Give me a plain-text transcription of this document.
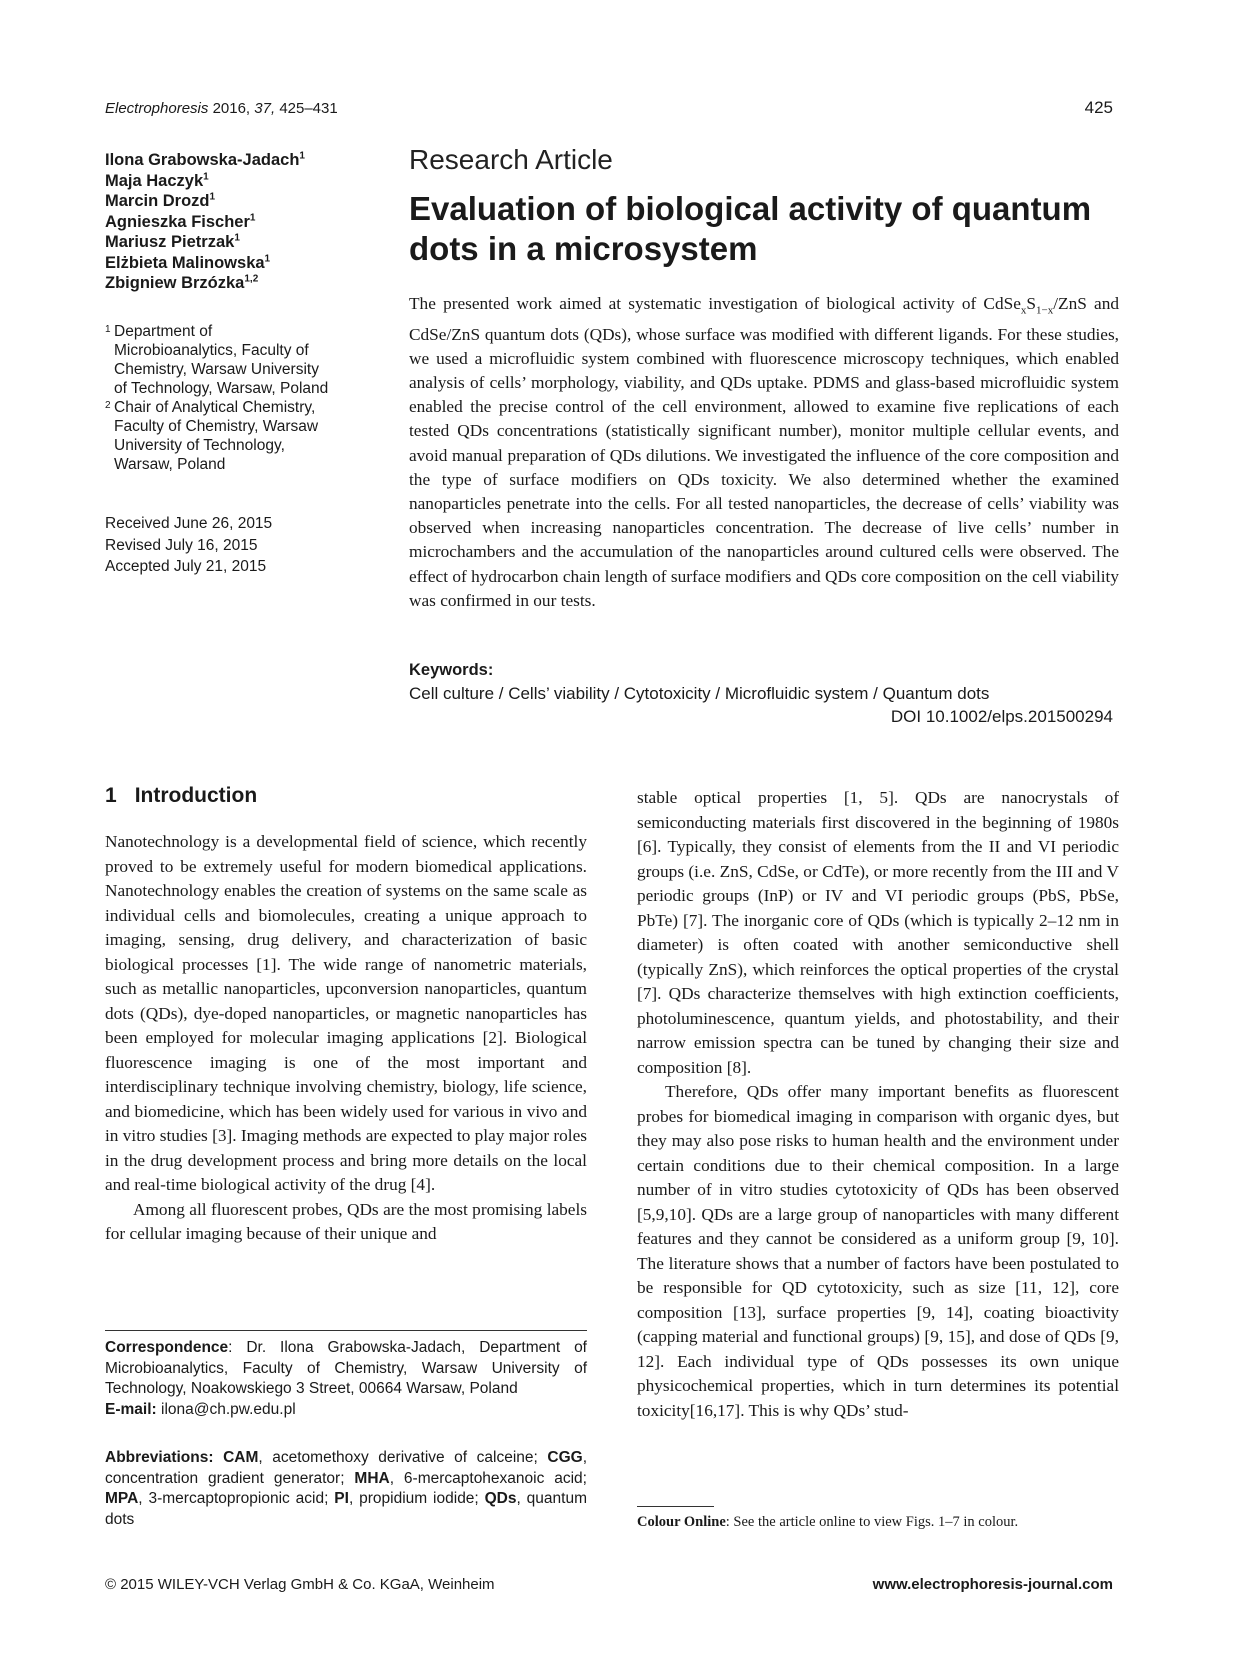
Electrophoresis 2016, 37, 425–431	425
Ilona Grabowska-Jadach$^1$
Maja Haczyk$^1$
Marcin Drozd$^1$
Agnieszka Fischer$^1$
Mariusz Pietrzak$^1$
Elżbieta Malinowska$^1$
Zbigniew Brzózka$^{1,2}$
1 Department of
Microbioanalytics, Faculty of
Chemistry, Warsaw University
of Technology, Warsaw, Poland
2 Chair of Analytical Chemistry,
Faculty of Chemistry, Warsaw
University of Technology,
Warsaw, Poland
Received June 26, 2015
Revised July 16, 2015
Accepted July 21, 2015
Research Article
Evaluation of biological activity of quantum dots in a microsystem
The presented work aimed at systematic investigation of biological activity of $CdSe_xS_{1-x}$/ZnS and CdSe/ZnS quantum dots (QDs), whose surface was modified with different ligands. For these studies, we used a microfluidic system combined with fluorescence microscopy techniques, which enabled analysis of cells’ morphology, viability, and QDs uptake. PDMS and glass-based microfluidic system enabled the precise control of the cell environment, allowed to examine five replications of each tested QDs concentrations (statistically significant number), monitor multiple cellular events, and avoid manual preparation of QDs dilutions. We investigated the influence of the core composition and the type of surface modifiers on QDs toxicity. We also determined whether the examined nanoparticles penetrate into the cells. For all tested nanoparticles, the decrease of cells’ viability was observed when increasing nanoparticles concentration. The decrease of live cells’ number in microchambers and the accumulation of the nanoparticles around cultured cells were observed. The effect of hydrocarbon chain length of surface modifiers and QDs core composition on the cell viability was confirmed in our tests.
Keywords:
Cell culture / Cells’ viability / Cytotoxicity / Microfluidic system / Quantum dots
DOI 10.1002/elps.201500294
1 Introduction

Nanotechnology is a developmental field of science, which recently proved to be extremely useful for modern biomedical applications. Nanotechnology enables the creation of systems on the same scale as individual cells and biomolecules, creating a unique approach to imaging, sensing, drug delivery, and characterization of basic biological processes [1]. The wide range of nanometric materials, such as metallic nanoparticles, upconversion nanoparticles, quantum dots (QDs), dye-doped nanoparticles, or magnetic nanoparticles has been employed for molecular imaging applications [2]. Biological fluorescence imaging is one of the most important and interdisciplinary technique involving chemistry, biology, life science, and biomedicine, which has been widely used for various in vivo and in vitro studies [3]. Imaging methods are expected to play major roles in the drug development process and bring more details on the local and real-time biological activity of the drug [4].

Among all fluorescent probes, QDs are the most promising labels for cellular imaging because of their unique and

stable optical properties [1, 5]. QDs are nanocrystals of semiconducting materials first discovered in the beginning of 1980s [6]. Typically, they consist of elements from the II and VI periodic groups (i.e. ZnS, CdSe, or CdTe), or more recently from the III and V periodic groups (InP) or IV and VI periodic groups (PbS, PbSe, PbTe) [7]. The inorganic core of QDs (which is typically 2–12 nm in diameter) is often coated with another semiconductive shell (typically ZnS), which reinforces the optical properties of the crystal [7]. QDs characterize themselves with high extinction coefficients, photoluminescence, quantum yields, and photostability, and their narrow emission spectra can be tuned by changing their size and composition [8].

Therefore, QDs offer many important benefits as fluorescent probes for biomedical imaging in comparison with organic dyes, but they may also pose risks to human health and the environment under certain conditions due to their chemical composition. In a large number of in vitro studies cytotoxicity of QDs has been observed [5,9,10]. QDs are a large group of nanoparticles with many different features and they cannot be considered as a uniform group [9, 10]. The literature shows that a number of factors have been postulated to be responsible for QD cytotoxicity, such as size [11, 12], core composition [13], surface properties [9, 14], coating bioactivity (capping material and functional groups) [9, 15], and dose of QDs [9, 12]. Each individual type of QDs possesses its own unique physicochemical properties, which in turn determines its potential toxicity[16,17]. This is why QDs’ stud-

Correspondence: Dr. Ilona Grabowska-Jadach, Department of Microbioanalytics, Faculty of Chemistry, Warsaw University of Technology, Noakowskiego 3 Street, 00664 Warsaw, Poland
E-mail: ilona@ch.pw.edu.pl
Abbreviations: CAM, acetomethoxy derivative of calceine; CGG, concentration gradient generator; MHA, 6-mercaptohexanoic acid; MPA, 3-mercaptopropionic acid; PI, propidium iodide; QDs, quantum dots	Colour Online: See the article online to view Figs. 1–7 in colour.
© 2015 WILEY-VCH Verlag GmbH & Co. KGaA, Weinheim	www.electrophoresis-journal.com
